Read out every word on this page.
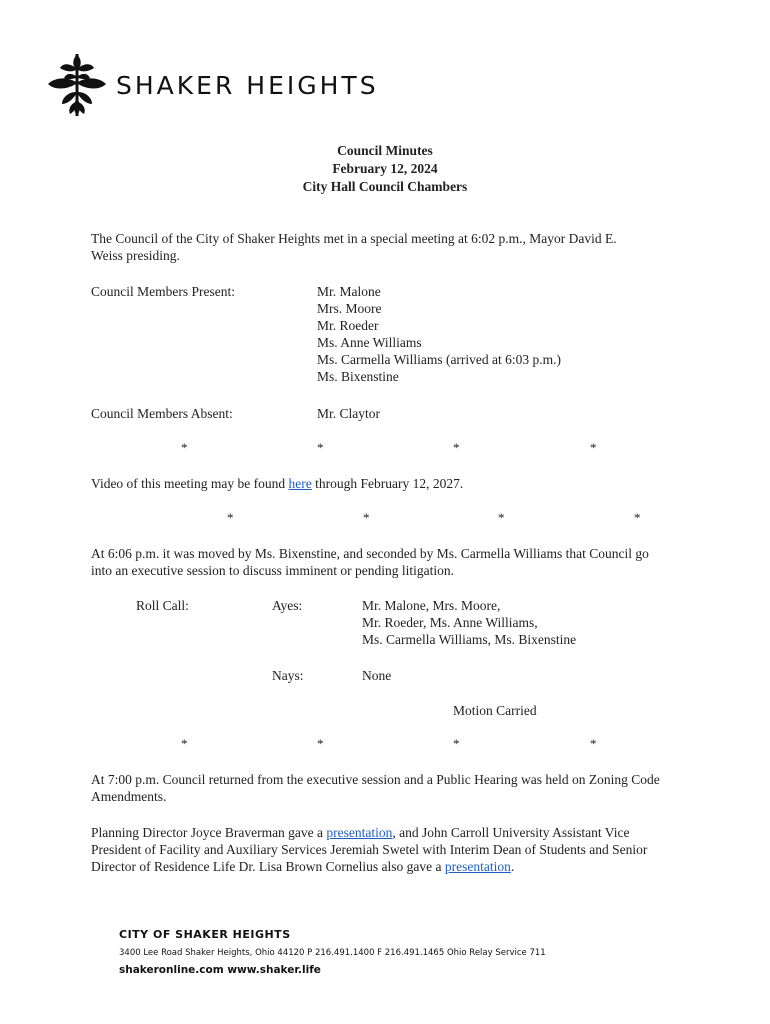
SHAKER HEIGHTS
Council Minutes
February 12, 2024
City Hall Council Chambers
The Council of the City of Shaker Heights met in a special meeting at 6:02 p.m., Mayor David E.
Weiss presiding.
Council Members Present:	Mr. Malone
Mrs. Moore
Mr. Roeder
Ms. Anne Williams
Ms. Carmella Williams (arrived at 6:03 p.m.)
Ms. Bixenstine
Council Members Absent:	Mr. Claytor
*	*	*	*
Video of this meeting may be found here through February 12, 2027.
*	*	*	*
At 6:06 p.m. it was moved by Ms. Bixenstine, and seconded by Ms. Carmella Williams that Council go
into an executive session to discuss imminent or pending litigation.
Roll Call:	Ayes:	Mr. Malone, Mrs. Moore,
Mr. Roeder, Ms. Anne Williams,
Ms. Carmella Williams, Ms. Bixenstine
Nays:	None
Motion Carried
*	*	*	*
At 7:00 p.m. Council returned from the executive session and a Public Hearing was held on Zoning Code
Amendments.
Planning Director Joyce Braverman gave a presentation, and John Carroll University Assistant Vice
President of Facility and Auxiliary Services Jeremiah Swetel with Interim Dean of Students and Senior
Director of Residence Life Dr. Lisa Brown Cornelius also gave a presentation.
CITY OF SHAKER HEIGHTS
3400 Lee Road Shaker Heights, Ohio 44120 P 216.491.1400 F 216.491.1465 Ohio Relay Service 711
shakeronline.com www.shaker.life
